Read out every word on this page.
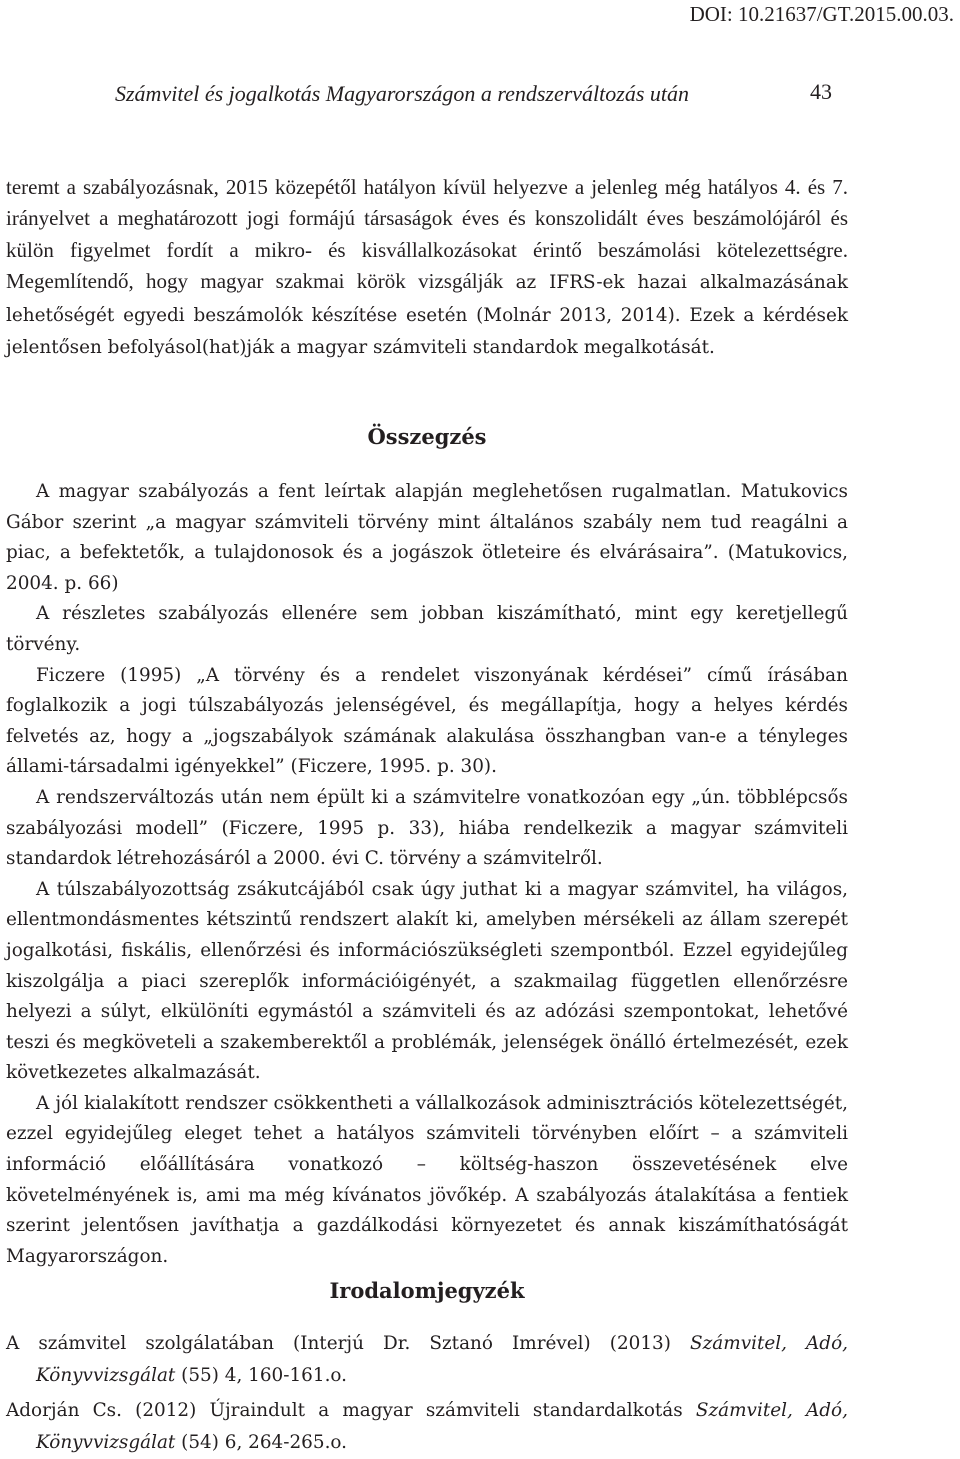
DOI: 10.21637/GT.2015.00.03.
Számvitel és jogalkotás Magyarországon a rendszerváltozás után	43

teremt a szabályozásnak, 2015 közepétől hatályon kívül helyezve a jelenleg még hatályos 4. és 7. irányelvet a meghatározott jogi formájú társaságok éves és konszolidált éves beszámolójáról és külön figyelmet fordít a mikro- és kisvállalkozásokat érintő beszámolási kötelezettségre. Megemlítendő, hogy magyar szakmai körök vizsgálják az IFRS-ek hazai alkalmazásának lehetőségét egyedi beszámolók készítése esetén (Molnár 2013, 2014). Ezek a kérdések jelentősen befolyásol(hat)ják a magyar számviteli standardok megalkotását.

Összegzés

A magyar szabályozás a fent leírtak alapján meglehetősen rugalmatlan. Matukovics Gábor szerint „a magyar számviteli törvény mint általános szabály nem tud reagálni a piac, a befektetők, a tulajdonosok és a jogászok ötleteire és elvárásaira”. (Matukovics, 2004. p. 66)

A részletes szabályozás ellenére sem jobban kiszámítható, mint egy keretjellegű törvény.

Ficzere (1995) „A törvény és a rendelet viszonyának kérdései” című írásában foglalkozik a jogi túlszabályozás jelenségével, és megállapítja, hogy a helyes kérdés felvetés az, hogy a „jogszabályok számának alakulása összhangban van-e a tényleges állami-társadalmi igényekkel” (Ficzere, 1995. p. 30).

A rendszerváltozás után nem épült ki a számvitelre vonatkozóan egy „ún. többlépcsős szabályozási modell” (Ficzere, 1995 p. 33), hiába rendelkezik a magyar számviteli standardok létrehozásáról a 2000. évi C. törvény a számvitelről.

A túlszabályozottság zsákutcájából csak úgy juthat ki a magyar számvitel, ha világos, ellentmondásmentes kétszintű rendszert alakít ki, amelyben mérsékeli az állam szerepét jogalkotási, fiskális, ellenőrzési és információszükségleti szempontból. Ezzel egyidejűleg kiszolgálja a piaci szereplők információigényét, a szakmailag független ellenőrzésre helyezi a súlyt, elkülöníti egymástól a számviteli és az adózási szempontokat, lehetővé teszi és megköveteli a szakemberektől a problémák, jelenségek önálló értelmezését, ezek következetes alkalmazását.

A jól kialakított rendszer csökkentheti a vállalkozások adminisztrációs kötelezettségét, ezzel egyidejűleg eleget tehet a hatályos számviteli törvényben előírt – a számviteli információ előállítására vonatkozó – költség-haszon összevetésének elve követelményének is, ami ma még kívánatos jövőkép. A szabályozás átalakítása a fentiek szerint jelentősen javíthatja a gazdálkodási környezetet és annak kiszámíthatóságát Magyarországon.

Irodalomjegyzék

A számvitel szolgálatában (Interjú Dr. Sztanó Imrével) (2013) Számvitel, Adó, Könyvvizsgálat (55) 4, 160-161.o.

Adorján Cs. (2012) Újraindult a magyar számviteli standardalkotás Számvitel, Adó, Könyvvizsgálat (54) 6, 264-265.o.
